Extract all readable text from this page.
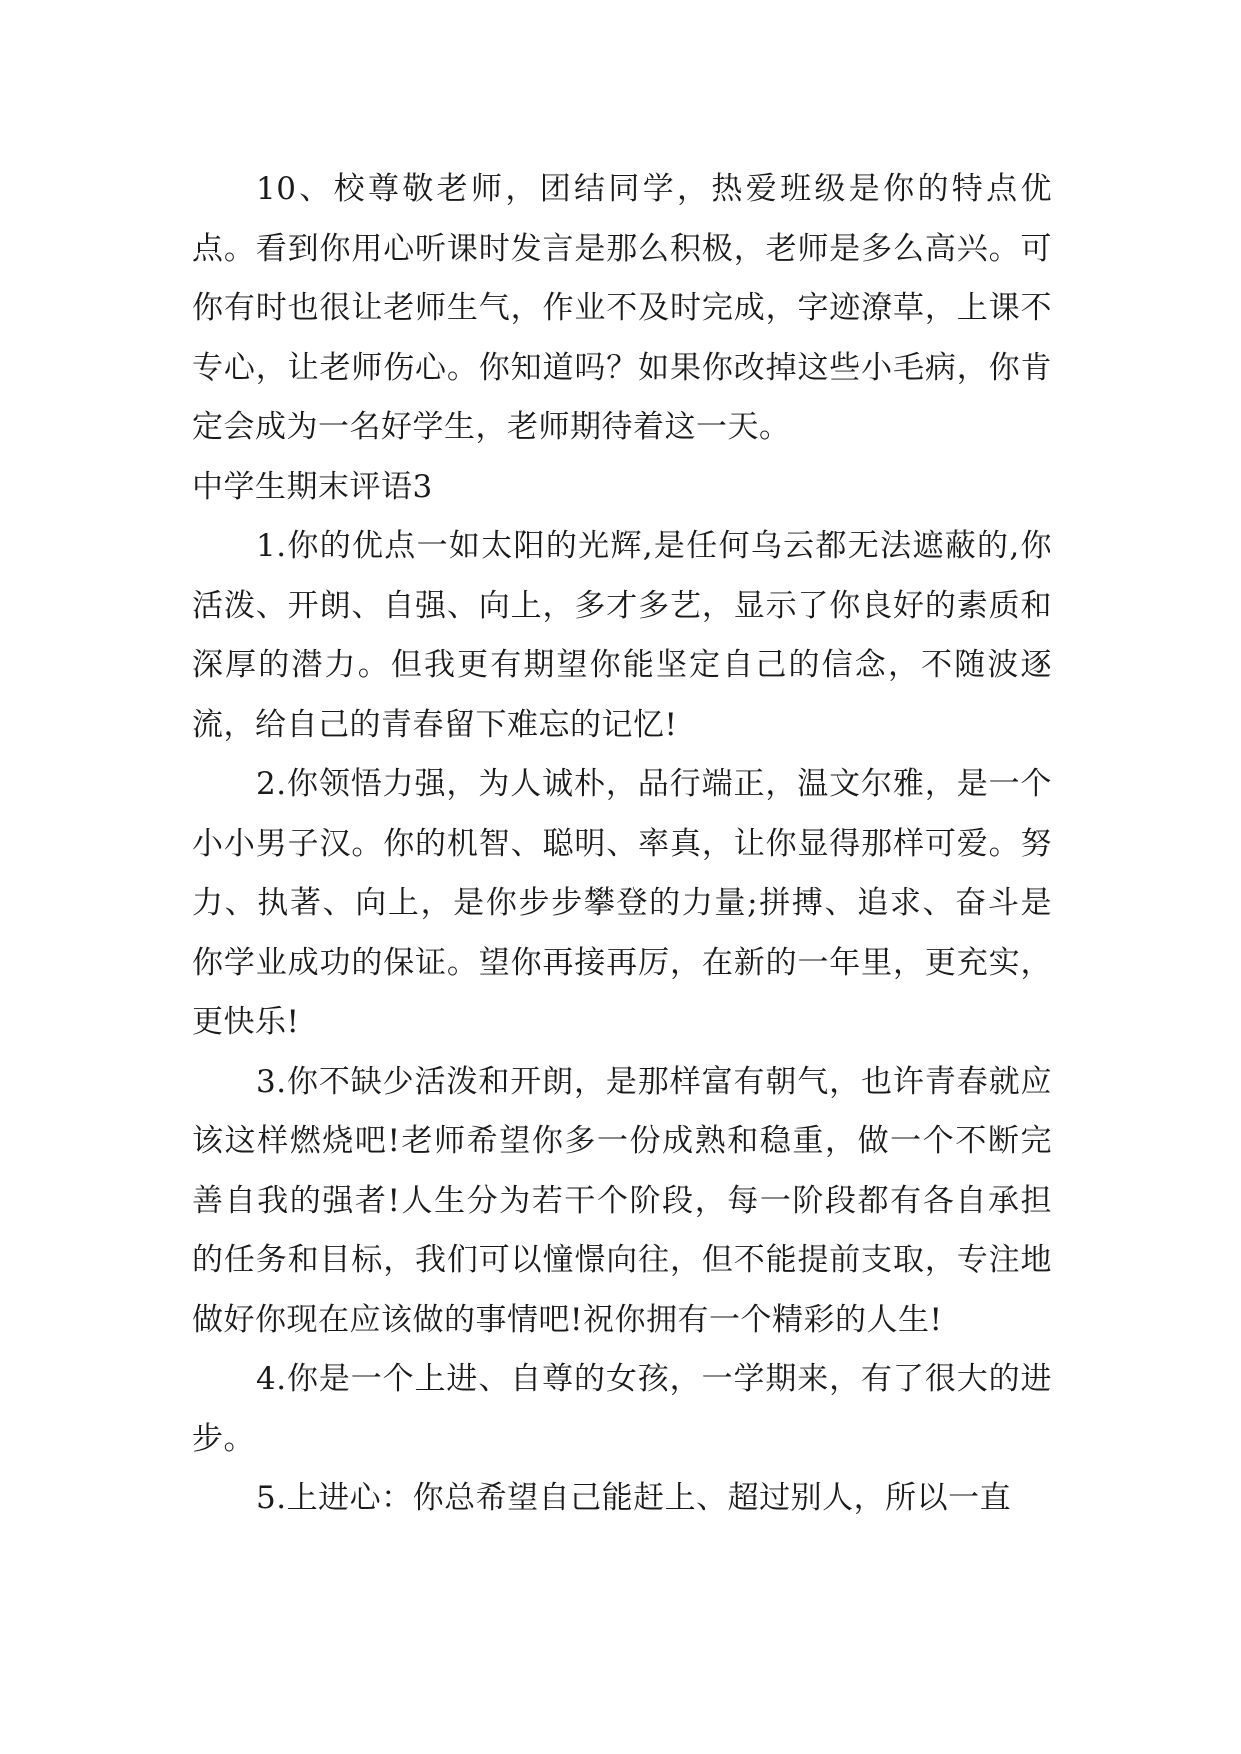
10、校尊敬老师，团结同学，热爱班级是你的特点优点。看到你用心听课时发言是那么积极，老师是多么高兴。可你有时也很让老师生气，作业不及时完成，字迹潦草，上课不专心，让老师伤心。你知道吗？如果你改掉这些小毛病，你肯定会成为一名好学生，老师期待着这一天。

中学生期末评语3

1.你的优点一如太阳的光辉,是任何乌云都无法遮蔽的,你活泼、开朗、自强、向上，多才多艺，显示了你良好的素质和深厚的潜力。但我更有期望你能坚定自己的信念，不随波逐流，给自己的青春留下难忘的记忆!

2.你领悟力强，为人诚朴，品行端正，温文尔雅，是一个小小男子汉。你的机智、聪明、率真，让你显得那样可爱。努力、执著、向上，是你步步攀登的力量;拼搏、追求、奋斗是你学业成功的保证。望你再接再厉，在新的一年里，更充实，更快乐!

3.你不缺少活泼和开朗，是那样富有朝气，也许青春就应该这样燃烧吧!老师希望你多一份成熟和稳重，做一个不断完善自我的强者!人生分为若干个阶段，每一阶段都有各自承担的任务和目标，我们可以憧憬向往，但不能提前支取，专注地做好你现在应该做的事情吧!祝你拥有一个精彩的人生!

4.你是一个上进、自尊的女孩，一学期来，有了很大的进步。

5.上进心：你总希望自己能赶上、超过别人，所以一直
